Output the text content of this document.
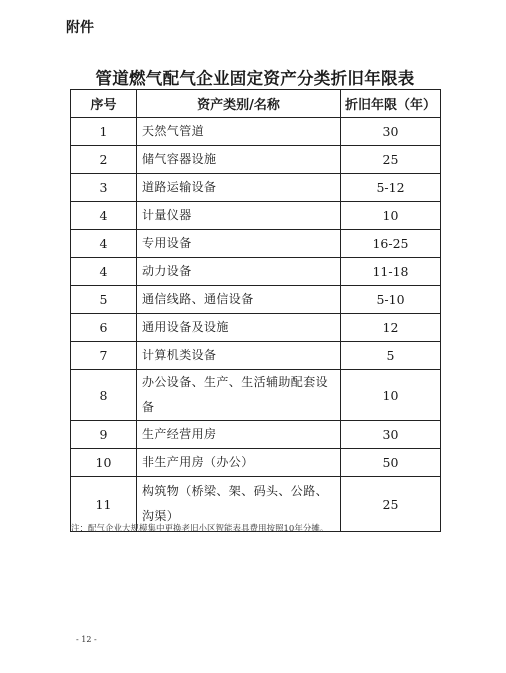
附件
管道燃气配气企业固定资产分类折旧年限表
序号	资产类别/名称	折旧年限（年）
1	天然气管道	30
2	储气容器设施	25
3	道路运输设备	5-12
4	计量仪器	10
4	专用设备	16-25
4	动力设备	11-18
5	通信线路、通信设备	5-10
6	通用设备及设施	12
7	计算机类设备	5
8	办公设备、生产、生活辅助配套设备	10
9	生产经营用房	30
10	非生产用房（办公）	50
11	构筑物（桥梁、架、码头、公路、沟渠）	25
注：配气企业大规模集中更换老旧小区智能表具费用按照10年分摊。
- 12 -
